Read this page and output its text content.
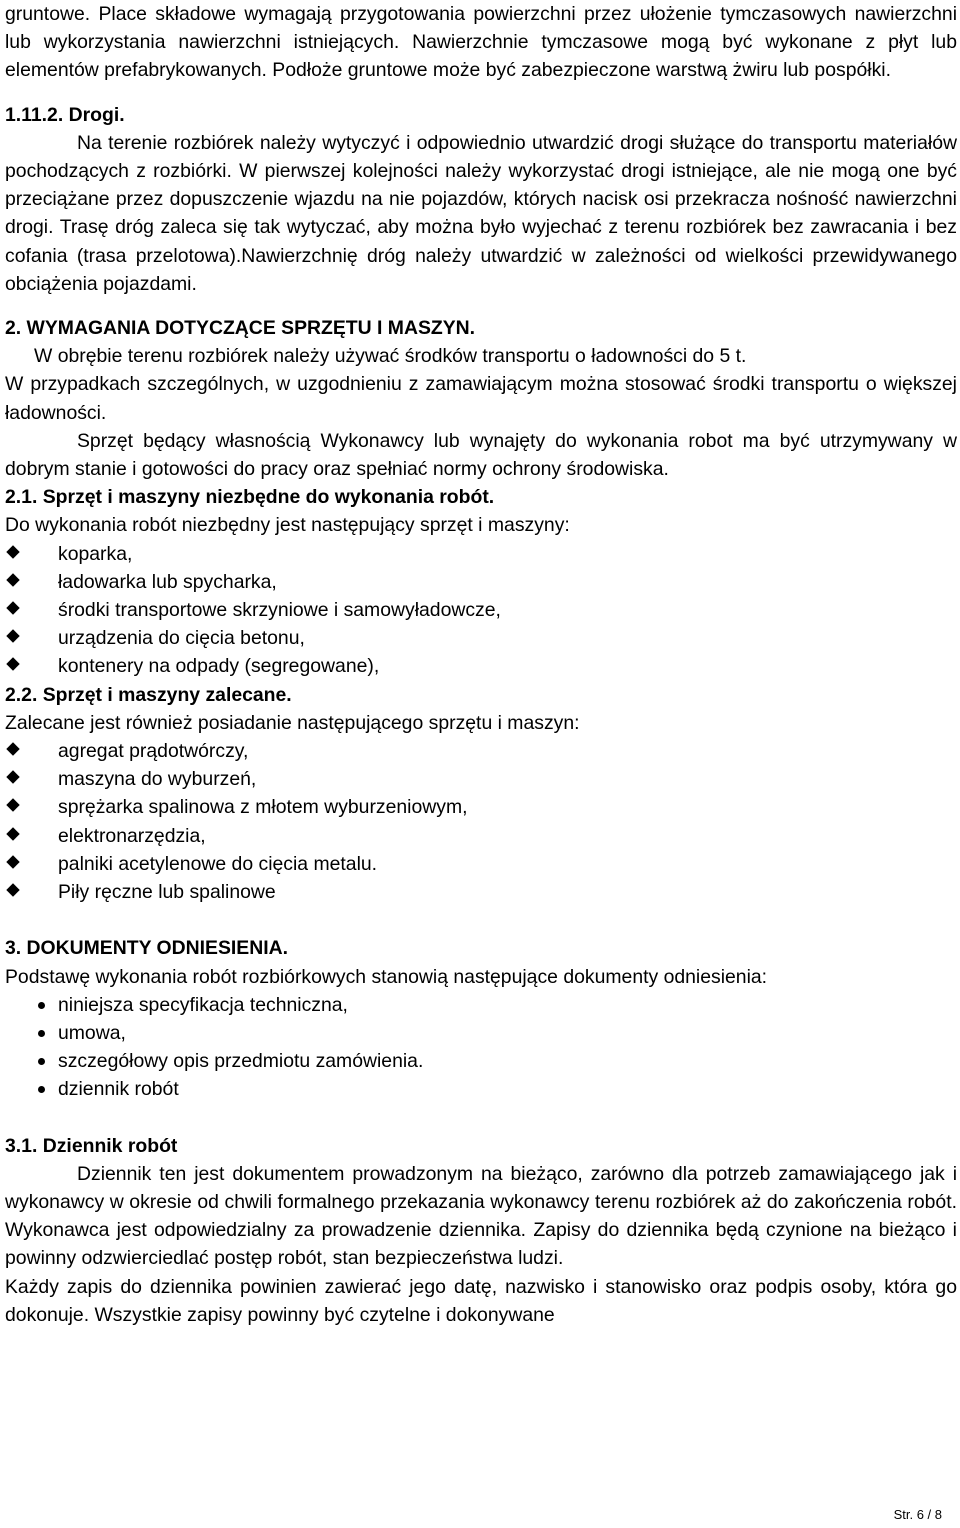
gruntowe. Place składowe wymagają przygotowania powierzchni przez ułożenie tymczasowych nawierzchni lub wykorzystania nawierzchni istniejących. Nawierzchnie tymczasowe mogą być wykonane z płyt lub elementów prefabrykowanych. Podłoże gruntowe może być zabezpieczone warstwą żwiru lub pospółki.

1.11.2. Drogi.

Na terenie rozbiórek należy wytyczyć i odpowiednio utwardzić drogi służące do transportu materiałów pochodzących z rozbiórki. W pierwszej kolejności należy wykorzystać drogi istniejące, ale nie mogą one być przeciążane przez dopuszczenie wjazdu na nie pojazdów, których nacisk osi przekracza nośność nawierzchni drogi. Trasę dróg zaleca się tak wytyczać, aby można było wyjechać z terenu rozbiórek bez zawracania i bez cofania (trasa przelotowa).Nawierzchnię dróg należy utwardzić w zależności od wielkości przewidywanego obciążenia pojazdami.

2. WYMAGANIA DOTYCZĄCE SPRZĘTU I MASZYN.

W obrębie terenu rozbiórek należy używać środków transportu o ładowności do 5 t.

W przypadkach szczególnych, w uzgodnieniu z zamawiającym można stosować środki transportu o większej ładowności.

Sprzęt będący własnością Wykonawcy lub wynajęty do wykonania robot ma być utrzymywany w dobrym stanie i gotowości do pracy oraz spełniać normy ochrony środowiska.

2.1. Sprzęt i maszyny niezbędne do wykonania robót.

Do wykonania robót niezbędny jest następujący sprzęt i maszyny:

koparka,
ładowarka lub spycharka,
środki transportowe skrzyniowe i samowyładowcze,
urządzenia do cięcia betonu,
kontenery na odpady (segregowane),

2.2. Sprzęt i maszyny zalecane.

Zalecane jest również posiadanie następującego sprzętu i maszyn:

agregat prądotwórczy,
maszyna do wyburzeń,
sprężarka spalinowa z młotem wyburzeniowym,
elektronarzędzia,
palniki acetylenowe do cięcia metalu.
Piły ręczne lub spalinowe

3. DOKUMENTY ODNIESIENIA.

Podstawę wykonania robót rozbiórkowych stanowią następujące dokumenty odniesienia:

niniejsza specyfikacja techniczna,
umowa,
szczegółowy opis przedmiotu zamówienia.
dziennik robót

3.1. Dziennik robót

Dziennik ten jest dokumentem prowadzonym na bieżąco, zarówno dla potrzeb zamawiającego jak i wykonawcy w okresie od chwili formalnego przekazania wykonawcy terenu rozbiórek aż do zakończenia robót. Wykonawca jest odpowiedzialny za prowadzenie dziennika. Zapisy do dziennika będą czynione na bieżąco i powinny odzwierciedlać postęp robót, stan bezpieczeństwa ludzi.

Każdy zapis do dziennika powinien zawierać jego datę, nazwisko i stanowisko oraz podpis osoby, która go dokonuje. Wszystkie zapisy powinny być czytelne i dokonywane

Str. 6 / 8
